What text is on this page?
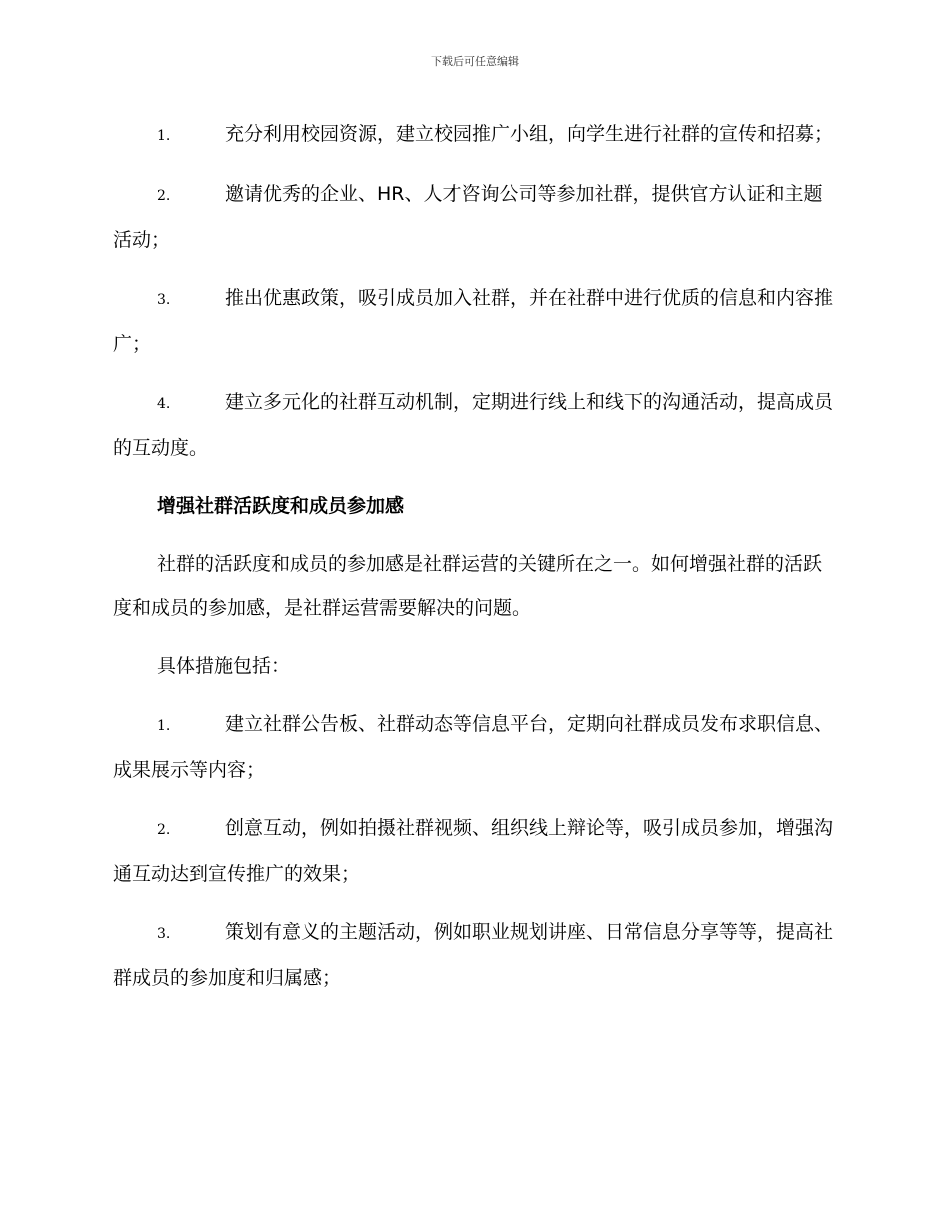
下载后可任意编辑
1.	充分利用校园资源，建立校园推广小组，向学生进行社群的宣传和招募；
2.	邀请优秀的企业、HR、人才咨询公司等参加社群，提供官方认证和主题活动；
3.	推出优惠政策，吸引成员加入社群，并在社群中进行优质的信息和内容推广；
4.	建立多元化的社群互动机制，定期进行线上和线下的沟通活动，提高成员的互动度。
增强社群活跃度和成员参加感
社群的活跃度和成员的参加感是社群运营的关键所在之一。如何增强社群的活跃度和成员的参加感，是社群运营需要解决的问题。
具体措施包括：
1.	建立社群公告板、社群动态等信息平台，定期向社群成员发布求职信息、成果展示等内容；
2.	创意互动，例如拍摄社群视频、组织线上辩论等，吸引成员参加，增强沟通互动达到宣传推广的效果；
3.	策划有意义的主题活动，例如职业规划讲座、日常信息分享等等，提高社群成员的参加度和归属感；
